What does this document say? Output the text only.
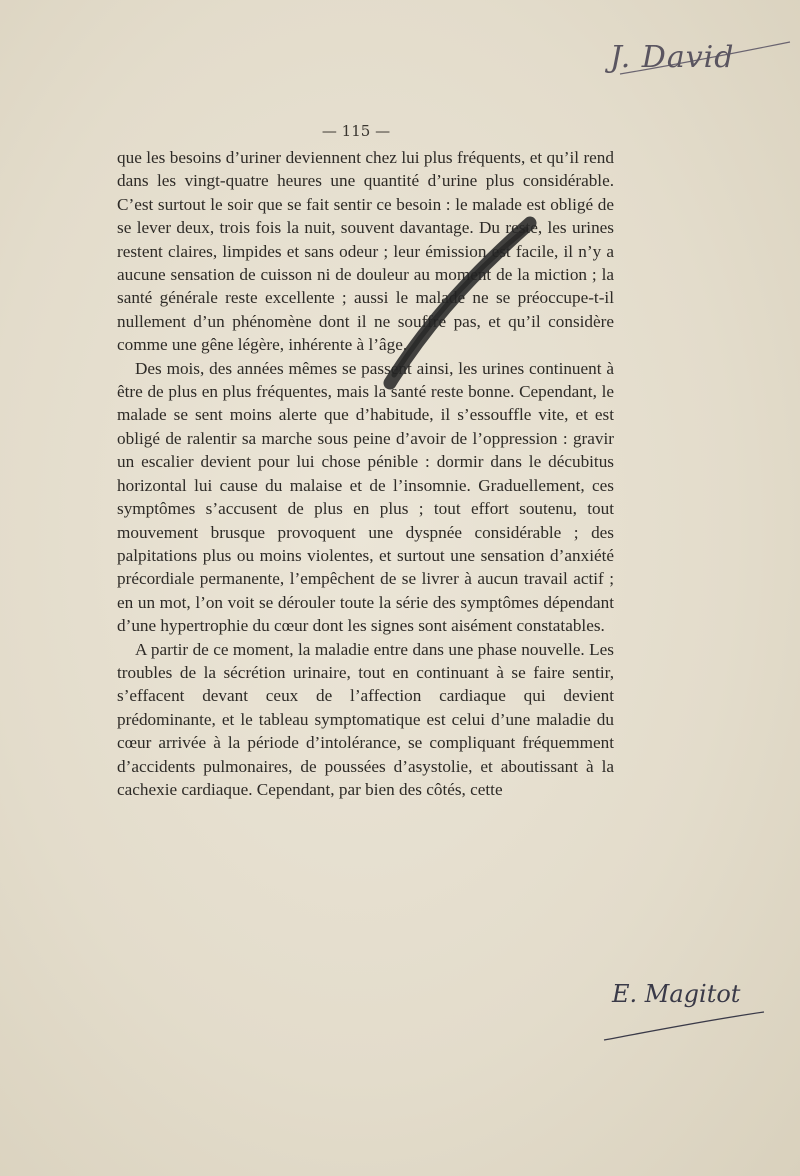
J. David
— 115 —

que les besoins d’uriner deviennent chez lui plus fréquents, et qu’il rend dans les vingt-quatre heures une quantité d’urine plus considérable. C’est surtout le soir que se fait sentir ce besoin : le malade est obligé de se lever deux, trois fois la nuit, souvent davantage. Du reste, les urines restent claires, limpides et sans odeur ; leur émission est facile, il n’y a aucune sensation de cuisson ni de douleur au moment de la miction ; la santé générale reste excellente ; aussi le malade ne se préoccupe-t-il nullement d’un phénomène dont il ne souffre pas, et qu’il considère comme une gêne légère, inhérente à l’âge.

Des mois, des années mêmes se passent ainsi, les urines continuent à être de plus en plus fréquentes, mais la santé reste bonne. Cependant, le malade se sent moins alerte que d’habitude, il s’essouffle vite, et est obligé de ralentir sa marche sous peine d’avoir de l’oppression : gravir un escalier devient pour lui chose pénible : dormir dans le décubitus horizontal lui cause du malaise et de l’insomnie. Graduellement, ces symptômes s’accusent de plus en plus ; tout effort soutenu, tout mouvement brusque provoquent une dyspnée considérable ; des palpitations plus ou moins violentes, et surtout une sensation d’anxiété précordiale permanente, l’empêchent de se livrer à aucun travail actif ; en un mot, l’on voit se dérouler toute la série des symptômes dépendant d’une hypertrophie du cœur dont les signes sont aisément constatables.

A partir de ce moment, la maladie entre dans une phase nouvelle. Les troubles de la sécrétion urinaire, tout en continuant à se faire sentir, s’effacent devant ceux de l’affection cardiaque qui devient prédominante, et le tableau symptomatique est celui d’une maladie du cœur arrivée à la période d’intolérance, se compliquant fréquemment d’accidents pulmonaires, de poussées d’asystolie, et aboutissant à la cachexie cardiaque. Cependant, par bien des côtés, cette

E. Magitot
